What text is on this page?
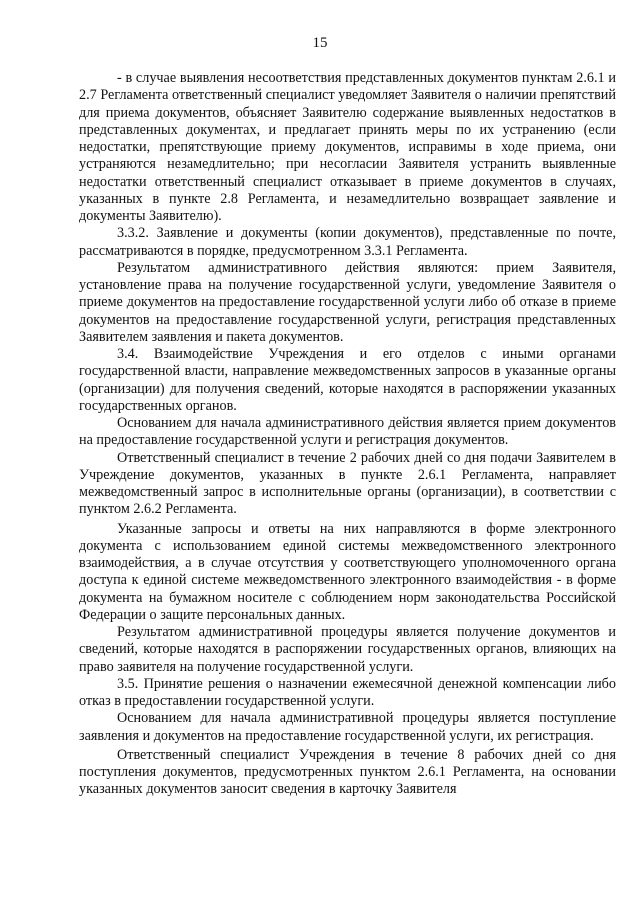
15

- в случае выявления несоответствия представленных документов пунктам 2.6.1 и 2.7 Регламента ответственный специалист уведомляет Заявителя о наличии препятствий для приема документов, объясняет Заявителю содержание выявленных недостатков в представленных документах, и предлагает принять меры по их устранению (если недостатки, препятствующие приему документов, исправимы в ходе приема, они устраняются незамедлительно; при несогласии Заявителя устранить выявленные недостатки ответственный специалист отказывает в приеме документов в случаях, указанных в пункте 2.8 Регламента, и незамедлительно возвращает заявление и документы Заявителю).

3.3.2. Заявление и документы (копии документов), представленные по почте, рассматриваются в порядке, предусмотренном 3.3.1 Регламента.

Результатом административного действия являются: прием Заявителя, установление права на получение государственной услуги, уведомление Заявителя о приеме документов на предоставление государственной услуги либо об отказе в приеме документов на предоставление государственной услуги, регистрация представленных Заявителем заявления и пакета документов.

3.4. Взаимодействие Учреждения и его отделов с иными органами государственной власти, направление межведомственных запросов в указанные органы (организации) для получения сведений, которые находятся в распоряжении указанных государственных органов.

Основанием для начала административного действия является прием документов на предоставление государственной услуги и регистрация документов.

Ответственный специалист в течение 2 рабочих дней со дня подачи Заявителем в Учреждение документов, указанных в пункте 2.6.1 Регламента, направляет межведомственный запрос в исполнительные органы (организации), в соответствии с пунктом 2.6.2 Регламента.

Указанные запросы и ответы на них направляются в форме электронного документа с использованием единой системы межведомственного электронного взаимодействия, а в случае отсутствия у соответствующего уполномоченного органа доступа к единой системе межведомственного электронного взаимодействия - в форме документа на бумажном носителе с соблюдением норм законодательства Российской Федерации о защите персональных данных.

Результатом административной процедуры является получение документов и сведений, которые находятся в распоряжении государственных органов, влияющих на право заявителя на получение государственной услуги.

3.5. Принятие решения о назначении ежемесячной денежной компенсации либо отказ в предоставлении государственной услуги.

Основанием для начала административной процедуры является поступление заявления и документов на предоставление государственной услуги, их регистрация.

Ответственный специалист Учреждения в течение 8 рабочих дней со дня поступления документов, предусмотренных пунктом 2.6.1 Регламента, на основании указанных документов заносит сведения в карточку Заявителя
